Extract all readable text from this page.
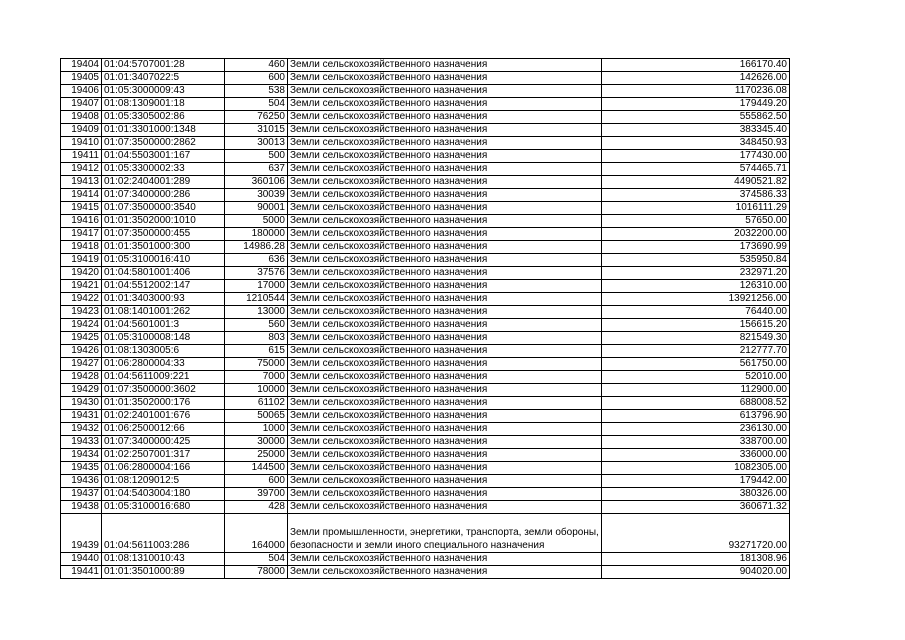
19404	01:04:5707001:28	460	Земли сельскохозяйственного назначения	166170.40
19405	01:01:3407022:5	600	Земли сельскохозяйственного назначения	142626.00
19406	01:05:3000009:43	538	Земли сельскохозяйственного назначения	1170236.08
19407	01:08:1309001:18	504	Земли сельскохозяйственного назначения	179449.20
19408	01:05:3305002:86	76250	Земли сельскохозяйственного назначения	555862.50
19409	01:01:3301000:1348	31015	Земли сельскохозяйственного назначения	383345.40
19410	01:07:3500000:2862	30013	Земли сельскохозяйственного назначения	348450.93
19411	01:04:5503001:167	500	Земли сельскохозяйственного назначения	177430.00
19412	01:05:3300002:33	637	Земли сельскохозяйственного назначения	574465.71
19413	01:02:2404001:289	360106	Земли сельскохозяйственного назначения	4490521.82
19414	01:07:3400000:286	30039	Земли сельскохозяйственного назначения	374586.33
19415	01:07:3500000:3540	90001	Земли сельскохозяйственного назначения	1016111.29
19416	01:01:3502000:1010	5000	Земли сельскохозяйственного назначения	57650.00
19417	01:07:3500000:455	180000	Земли сельскохозяйственного назначения	2032200.00
19418	01:01:3501000:300	14986.28	Земли сельскохозяйственного назначения	173690.99
19419	01:05:3100016:410	636	Земли сельскохозяйственного назначения	535950.84
19420	01:04:5801001:406	37576	Земли сельскохозяйственного назначения	232971.20
19421	01:04:5512002:147	17000	Земли сельскохозяйственного назначения	126310.00
19422	01:01:3403000:93	1210544	Земли сельскохозяйственного назначения	13921256.00
19423	01:08:1401001:262	13000	Земли сельскохозяйственного назначения	76440.00
19424	01:04:5601001:3	560	Земли сельскохозяйственного назначения	156615.20
19425	01:05:3100008:148	803	Земли сельскохозяйственного назначения	821549.30
19426	01:08:1303005:6	615	Земли сельскохозяйственного назначения	212777.70
19427	01:06:2800004:33	75000	Земли сельскохозяйственного назначения	561750.00
19428	01:04:5611009:221	7000	Земли сельскохозяйственного назначения	52010.00
19429	01:07:3500000:3602	10000	Земли сельскохозяйственного назначения	112900.00
19430	01:01:3502000:176	61102	Земли сельскохозяйственного назначения	688008.52
19431	01:02:2401001:676	50065	Земли сельскохозяйственного назначения	613796.90
19432	01:06:2500012:66	1000	Земли сельскохозяйственного назначения	236130.00
19433	01:07:3400000:425	30000	Земли сельскохозяйственного назначения	338700.00
19434	01:02:2507001:317	25000	Земли сельскохозяйственного назначения	336000.00
19435	01:06:2800004:166	144500	Земли сельскохозяйственного назначения	1082305.00
19436	01:08:1209012:5	600	Земли сельскохозяйственного назначения	179442.00
19437	01:04:5403004:180	39700	Земли сельскохозяйственного назначения	380326.00
19438	01:05:3100016:680	428	Земли сельскохозяйственного назначения	360671.32
19439	01:04:5611003:286	164000	Земли промышленности, энергетики, транспорта, земли обороны, безопасности и земли иного специального назначения	93271720.00
19440	01:08:1310010:43	504	Земли сельскохозяйственного назначения	181308.96
19441	01:01:3501000:89	78000	Земли сельскохозяйственного назначения	904020.00
